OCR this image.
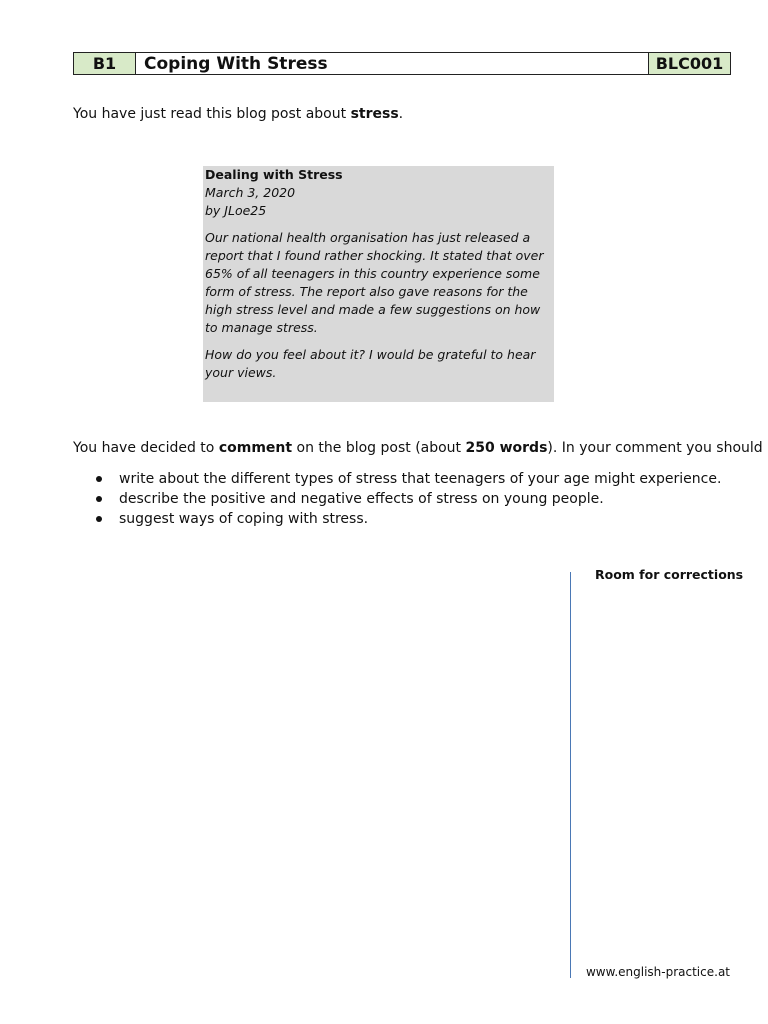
B1	Coping With Stress	BLC001
You have just read this blog post about stress.
Dealing with Stress
March 3, 2020
by JLoe25

Our national health organisation has just released a report that I found rather shocking. It stated that over 65% of all teenagers in this country experience some form of stress. The report also gave reasons for the high stress level and made a few suggestions on how to manage stress.

How do you feel about it? I would be grateful to hear your views.

You have decided to comment on the blog post (about 250 words). In your comment you should
write about the different types of stress that teenagers of your age might experience.
describe the positive and negative effects of stress on young people.
suggest ways of coping with stress.
Room for corrections
www.english-practice.at
